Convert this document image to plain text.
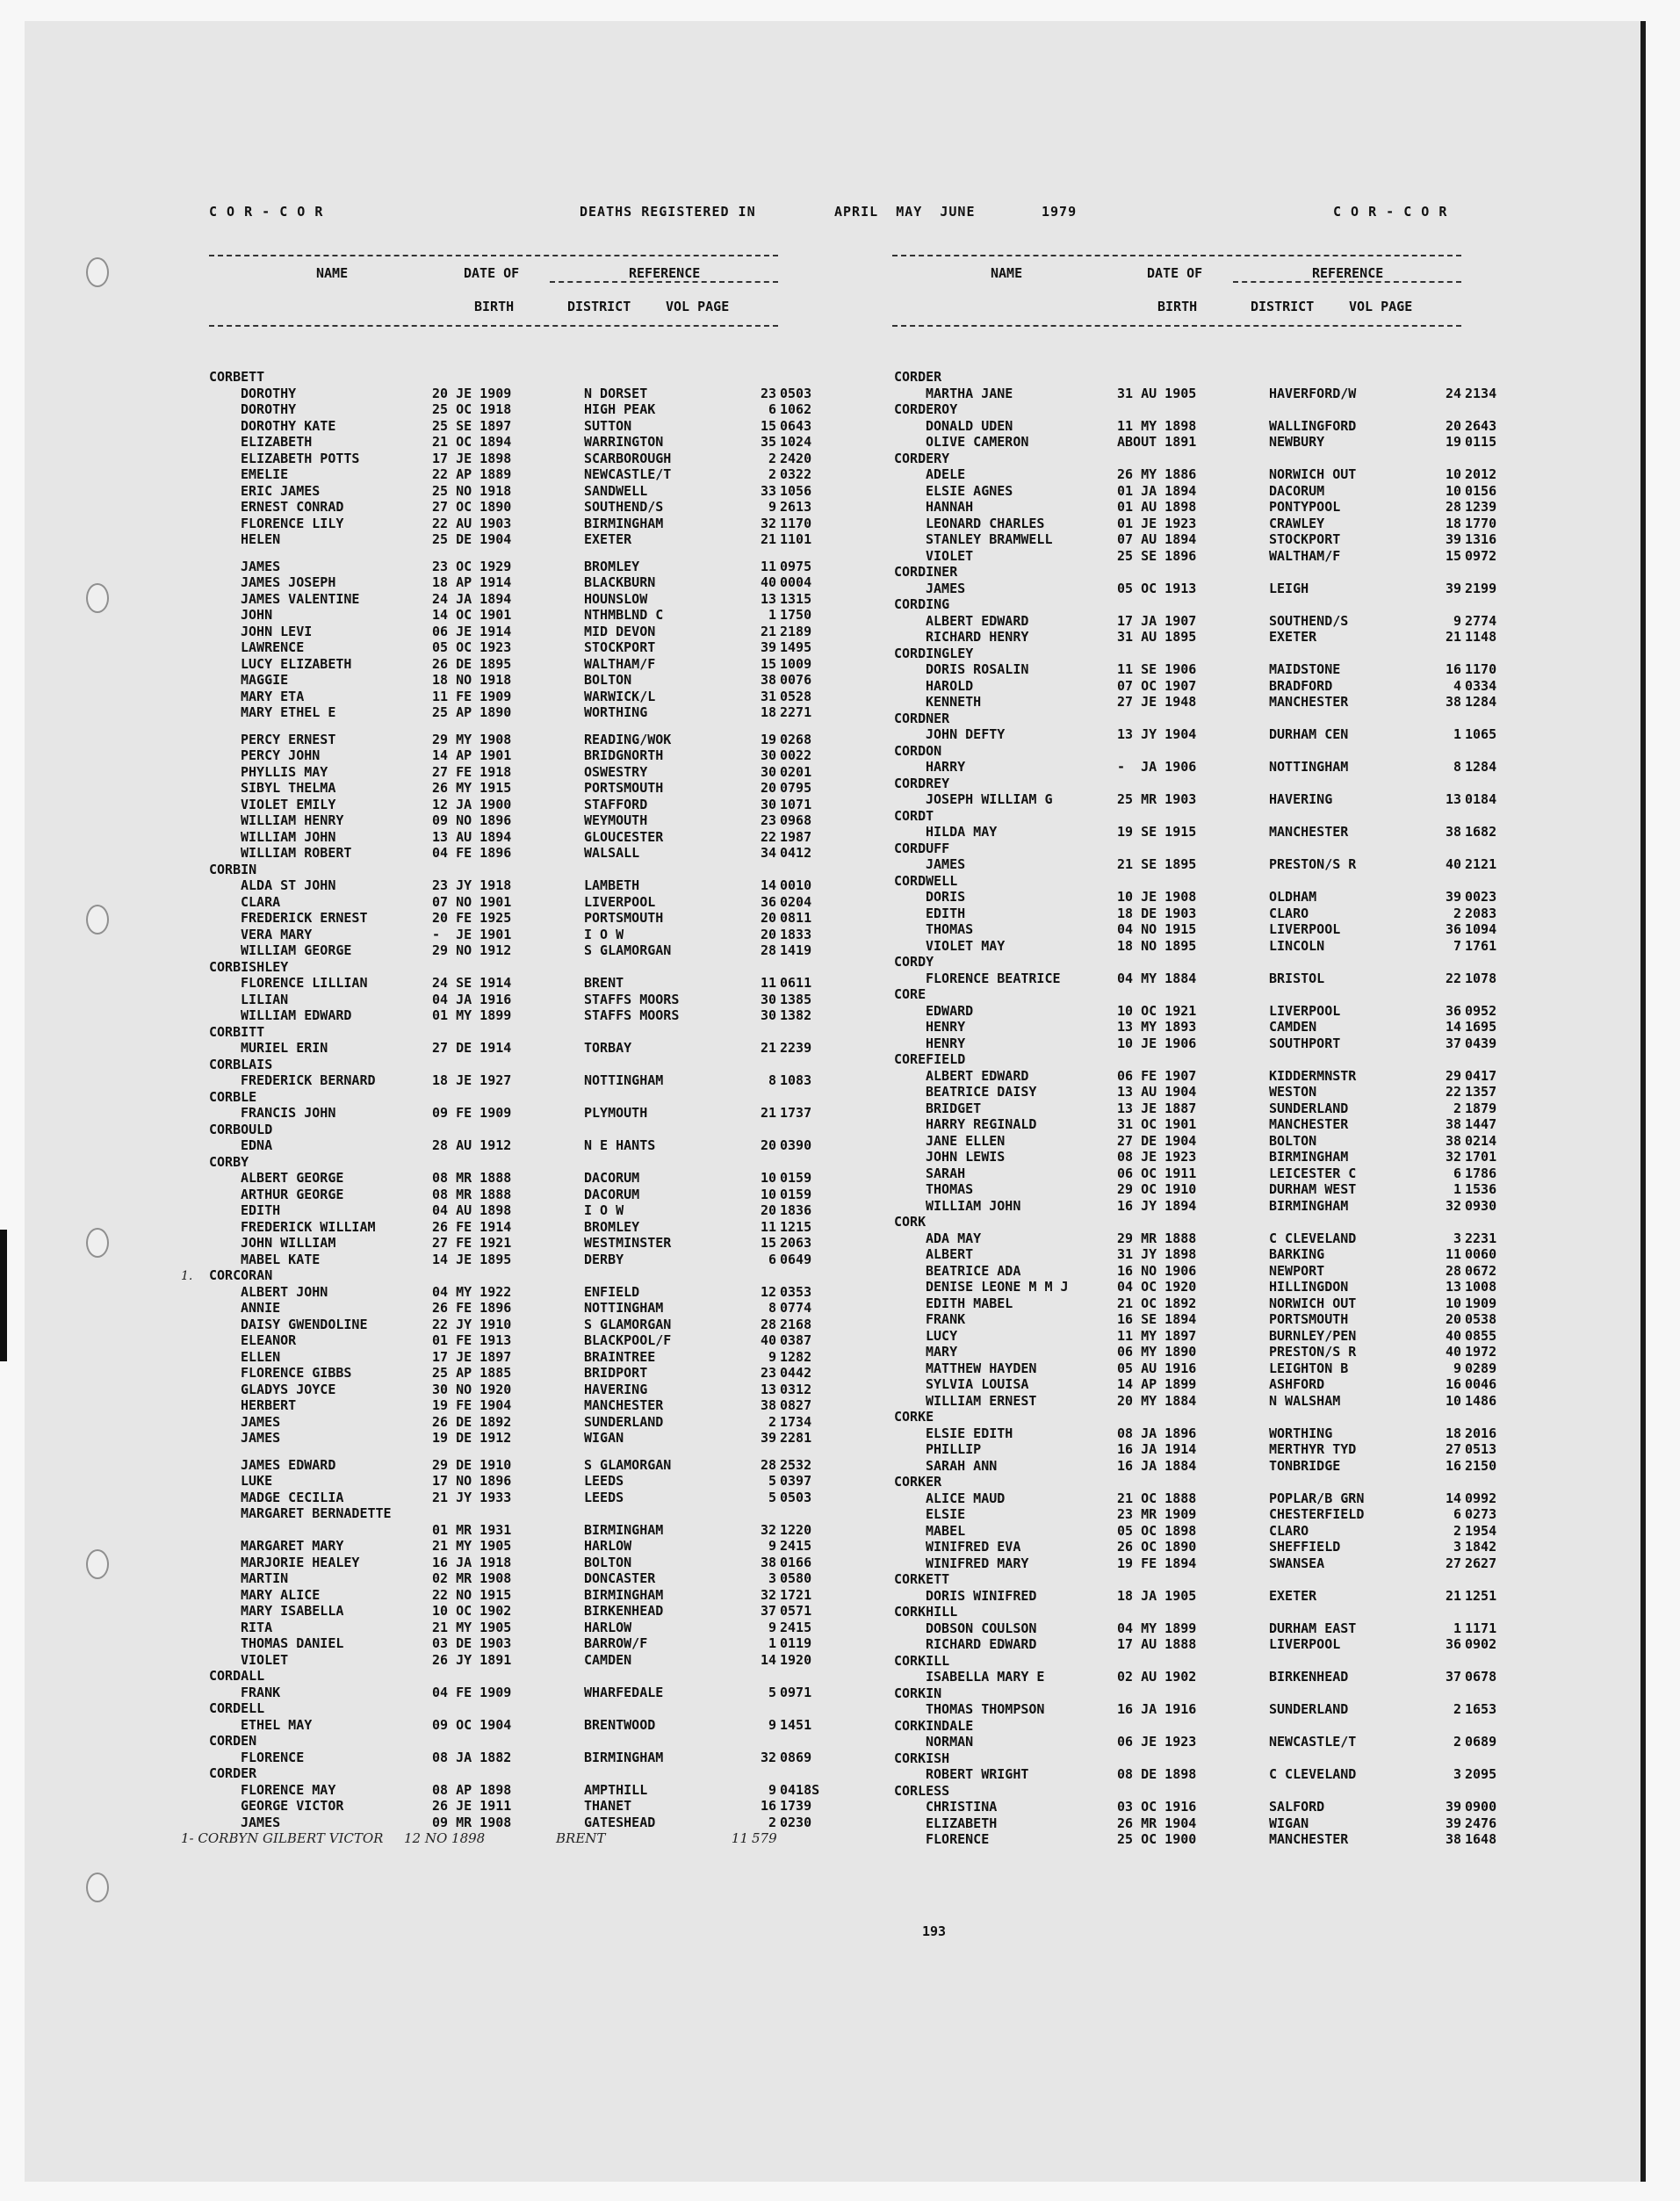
C O R - C O R	DEATHS REGISTERED IN	APRIL  MAY  JUNE	1979	C O R - C O R
NAME	DATE OF	REFERENCE
BIRTH	DISTRICT	VOL PAGE
NAME	DATE OF	REFERENCE
BIRTH	DISTRICT	VOL PAGE
CORBETT
DOROTHY	20 JE 1909	N DORSET	23 0503
DOROTHY	25 OC 1918	HIGH PEAK	6 1062
DOROTHY KATE	25 SE 1897	SUTTON	15 0643
ELIZABETH	21 OC 1894	WARRINGTON	35 1024
ELIZABETH POTTS	17 JE 1898	SCARBOROUGH	2 2420
EMELIE	22 AP 1889	NEWCASTLE/T	2 0322
ERIC JAMES	25 NO 1918	SANDWELL	33 1056
ERNEST CONRAD	27 OC 1890	SOUTHEND/S	9 2613
FLORENCE LILY	22 AU 1903	BIRMINGHAM	32 1170
HELEN	25 DE 1904	EXETER	21 1101
JAMES	23 OC 1929	BROMLEY	11 0975
JAMES JOSEPH	18 AP 1914	BLACKBURN	40 0004
JAMES VALENTINE	24 JA 1894	HOUNSLOW	13 1315
JOHN	14 OC 1901	NTHMBLND C	1 1750
JOHN LEVI	06 JE 1914	MID DEVON	21 2189
LAWRENCE	05 OC 1923	STOCKPORT	39 1495
LUCY ELIZABETH	26 DE 1895	WALTHAM/F	15 1009
MAGGIE	18 NO 1918	BOLTON	38 0076
MARY ETA	11 FE 1909	WARWICK/L	31 0528
MARY ETHEL E	25 AP 1890	WORTHING	18 2271
PERCY ERNEST	29 MY 1908	READING/WOK	19 0268
PERCY JOHN	14 AP 1901	BRIDGNORTH	30 0022
PHYLLIS MAY	27 FE 1918	OSWESTRY	30 0201
SIBYL THELMA	26 MY 1915	PORTSMOUTH	20 0795
VIOLET EMILY	12 JA 1900	STAFFORD	30 1071
WILLIAM HENRY	09 NO 1896	WEYMOUTH	23 0968
WILLIAM JOHN	13 AU 1894	GLOUCESTER	22 1987
WILLIAM ROBERT	04 FE 1896	WALSALL	34 0412
CORBIN
ALDA ST JOHN	23 JY 1918	LAMBETH	14 0010
CLARA	07 NO 1901	LIVERPOOL	36 0204
FREDERICK ERNEST	20 FE 1925	PORTSMOUTH	20 0811
VERA MARY	-  JE 1901	I O W	20 1833
WILLIAM GEORGE	29 NO 1912	S GLAMORGAN	28 1419
CORBISHLEY
FLORENCE LILLIAN	24 SE 1914	BRENT	11 0611
LILIAN	04 JA 1916	STAFFS MOORS	30 1385
WILLIAM EDWARD	01 MY 1899	STAFFS MOORS	30 1382
CORBITT
MURIEL ERIN	27 DE 1914	TORBAY	21 2239
CORBLAIS
FREDERICK BERNARD	18 JE 1927	NOTTINGHAM	8 1083
CORBLE
FRANCIS JOHN	09 FE 1909	PLYMOUTH	21 1737
CORBOULD
EDNA	28 AU 1912	N E HANTS	20 0390
CORBY
ALBERT GEORGE	08 MR 1888	DACORUM	10 0159
ARTHUR GEORGE	08 MR 1888	DACORUM	10 0159
EDITH	04 AU 1898	I O W	20 1836
FREDERICK WILLIAM	26 FE 1914	BROMLEY	11 1215
JOHN WILLIAM	27 FE 1921	WESTMINSTER	15 2063
MABEL KATE	14 JE 1895	DERBY	6 0649
CORCORAN
ALBERT JOHN	04 MY 1922	ENFIELD	12 0353
ANNIE	26 FE 1896	NOTTINGHAM	8 0774
DAISY GWENDOLINE	22 JY 1910	S GLAMORGAN	28 2168
ELEANOR	01 FE 1913	BLACKPOOL/F	40 0387
ELLEN	17 JE 1897	BRAINTREE	9 1282
FLORENCE GIBBS	25 AP 1885	BRIDPORT	23 0442
GLADYS JOYCE	30 NO 1920	HAVERING	13 0312
HERBERT	19 FE 1904	MANCHESTER	38 0827
JAMES	26 DE 1892	SUNDERLAND	2 1734
JAMES	19 DE 1912	WIGAN	39 2281
JAMES EDWARD	29 DE 1910	S GLAMORGAN	28 2532
LUKE	17 NO 1896	LEEDS	5 0397
MADGE CECILIA	21 JY 1933	LEEDS	5 0503
MARGARET BERNADETTE
01 MR 1931	BIRMINGHAM	32 1220
MARGARET MARY	21 MY 1905	HARLOW	9 2415
MARJORIE HEALEY	16 JA 1918	BOLTON	38 0166
MARTIN	02 MR 1908	DONCASTER	3 0580
MARY ALICE	22 NO 1915	BIRMINGHAM	32 1721
MARY ISABELLA	10 OC 1902	BIRKENHEAD	37 0571
RITA	21 MY 1905	HARLOW	9 2415
THOMAS DANIEL	03 DE 1903	BARROW/F	1 0119
VIOLET	26 JY 1891	CAMDEN	14 1920
CORDALL
FRANK	04 FE 1909	WHARFEDALE	5 0971
CORDELL
ETHEL MAY	09 OC 1904	BRENTWOOD	9 1451
CORDEN
FLORENCE	08 JA 1882	BIRMINGHAM	32 0869
CORDER
FLORENCE MAY	08 AP 1898	AMPTHILL	9 0418S
GEORGE VICTOR	26 JE 1911	THANET	16 1739
JAMES	09 MR 1908	GATESHEAD	2 0230
1- CORBYN GILBERT VICTOR 12 NO 1898	BRENT	11 579
CORDER
MARTHA JANE	31 AU 1905	HAVERFORD/W	24 2134
CORDEROY
DONALD UDEN	11 MY 1898	WALLINGFORD	20 2643
OLIVE CAMERON	ABOUT 1891	NEWBURY	19 0115
CORDERY
ADELE	26 MY 1886	NORWICH OUT	10 2012
ELSIE AGNES	01 JA 1894	DACORUM	10 0156
HANNAH	01 AU 1898	PONTYPOOL	28 1239
LEONARD CHARLES	01 JE 1923	CRAWLEY	18 1770
STANLEY BRAMWELL	07 AU 1894	STOCKPORT	39 1316
VIOLET	25 SE 1896	WALTHAM/F	15 0972
CORDINER
JAMES	05 OC 1913	LEIGH	39 2199
CORDING
ALBERT EDWARD	17 JA 1907	SOUTHEND/S	9 2774
RICHARD HENRY	31 AU 1895	EXETER	21 1148
CORDINGLEY
DORIS ROSALIN	11 SE 1906	MAIDSTONE	16 1170
HAROLD	07 OC 1907	BRADFORD	4 0334
KENNETH	27 JE 1948	MANCHESTER	38 1284
CORDNER
JOHN DEFTY	13 JY 1904	DURHAM CEN	1 1065
CORDON
HARRY	-  JA 1906	NOTTINGHAM	8 1284
CORDREY
JOSEPH WILLIAM G	25 MR 1903	HAVERING	13 0184
CORDT
HILDA MAY	19 SE 1915	MANCHESTER	38 1682
CORDUFF
JAMES	21 SE 1895	PRESTON/S R	40 2121
CORDWELL
DORIS	10 JE 1908	OLDHAM	39 0023
EDITH	18 DE 1903	CLARO	2 2083
THOMAS	04 NO 1915	LIVERPOOL	36 1094
VIOLET MAY	18 NO 1895	LINCOLN	7 1761
CORDY
FLORENCE BEATRICE	04 MY 1884	BRISTOL	22 1078
CORE
EDWARD	10 OC 1921	LIVERPOOL	36 0952
HENRY	13 MY 1893	CAMDEN	14 1695
HENRY	10 JE 1906	SOUTHPORT	37 0439
COREFIELD
ALBERT EDWARD	06 FE 1907	KIDDERMNSTR	29 0417
BEATRICE DAISY	13 AU 1904	WESTON	22 1357
BRIDGET	13 JE 1887	SUNDERLAND	2 1879
HARRY REGINALD	31 OC 1901	MANCHESTER	38 1447
JANE ELLEN	27 DE 1904	BOLTON	38 0214
JOHN LEWIS	08 JE 1923	BIRMINGHAM	32 1701
SARAH	06 OC 1911	LEICESTER C	6 1786
THOMAS	29 OC 1910	DURHAM WEST	1 1536
WILLIAM JOHN	16 JY 1894	BIRMINGHAM	32 0930
CORK
ADA MAY	29 MR 1888	C CLEVELAND	3 2231
ALBERT	31 JY 1898	BARKING	11 0060
BEATRICE ADA	16 NO 1906	NEWPORT	28 0672
DENISE LEONE M M J	04 OC 1920	HILLINGDON	13 1008
EDITH MABEL	21 OC 1892	NORWICH OUT	10 1909
FRANK	16 SE 1894	PORTSMOUTH	20 0538
LUCY	11 MY 1897	BURNLEY/PEN	40 0855
MARY	06 MY 1890	PRESTON/S R	40 1972
MATTHEW HAYDEN	05 AU 1916	LEIGHTON B	9 0289
SYLVIA LOUISA	14 AP 1899	ASHFORD	16 0046
WILLIAM ERNEST	20 MY 1884	N WALSHAM	10 1486
CORKE
ELSIE EDITH	08 JA 1896	WORTHING	18 2016
PHILLIP	16 JA 1914	MERTHYR TYD	27 0513
SARAH ANN	16 JA 1884	TONBRIDGE	16 2150
CORKER
ALICE MAUD	21 OC 1888	POPLAR/B GRN	14 0992
ELSIE	23 MR 1909	CHESTERFIELD	6 0273
MABEL	05 OC 1898	CLARO	2 1954
WINIFRED EVA	26 OC 1890	SHEFFIELD	3 1842
WINIFRED MARY	19 FE 1894	SWANSEA	27 2627
CORKETT
DORIS WINIFRED	18 JA 1905	EXETER	21 1251
CORKHILL
DOBSON COULSON	04 MY 1899	DURHAM EAST	1 1171
RICHARD EDWARD	17 AU 1888	LIVERPOOL	36 0902
CORKILL
ISABELLA MARY E	02 AU 1902	BIRKENHEAD	37 0678
CORKIN
THOMAS THOMPSON	16 JA 1916	SUNDERLAND	2 1653
CORKINDALE
NORMAN	06 JE 1923	NEWCASTLE/T	2 0689
CORKISH
ROBERT WRIGHT	08 DE 1898	C CLEVELAND	3 2095
CORLESS
CHRISTINA	03 OC 1916	SALFORD	39 0900
ELIZABETH	26 MR 1904	WIGAN	39 2476
FLORENCE	25 OC 1900	MANCHESTER	38 1648
1.
193
